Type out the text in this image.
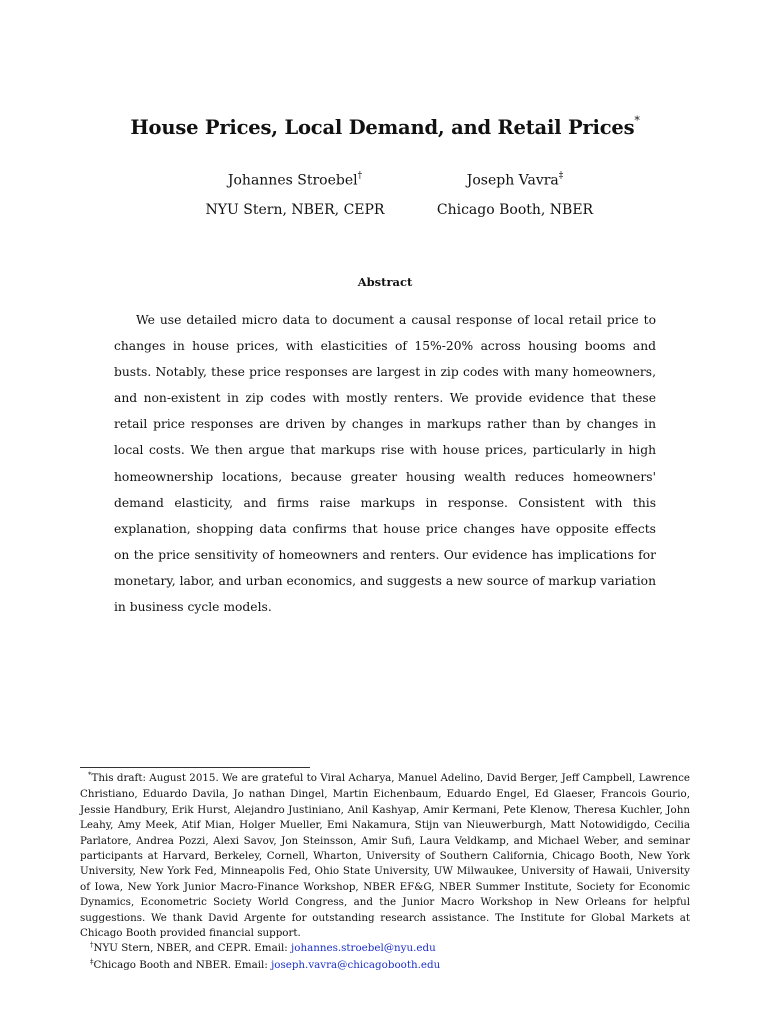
House Prices, Local Demand, and Retail Prices*
Johannes Stroebel†	Joseph Vavra‡
NYU Stern, NBER, CEPR	Chicago Booth, NBER
Abstract
We use detailed micro data to document a causal response of local retail price to changes in house prices, with elasticities of 15%-20% across housing booms and busts. Notably, these price responses are largest in zip codes with many homeowners, and non-existent in zip codes with mostly renters. We provide evidence that these retail price responses are driven by changes in markups rather than by changes in local costs. We then argue that markups rise with house prices, particularly in high homeownership locations, because greater housing wealth reduces homeowners' demand elasticity, and firms raise markups in response. Consistent with this explanation, shopping data confirms that house price changes have opposite effects on the price sensitivity of homeowners and renters. Our evidence has implications for monetary, labor, and urban economics, and suggests a new source of markup variation in business cycle models.

*This draft: August 2015. We are grateful to Viral Acharya, Manuel Adelino, David Berger, Jeff Campbell, Lawrence Christiano, Eduardo Davila, Jo nathan Dingel, Martin Eichenbaum, Eduardo Engel, Ed Glaeser, Francois Gourio, Jessie Handbury, Erik Hurst, Alejandro Justiniano, Anil Kashyap, Amir Kermani, Pete Klenow, Theresa Kuchler, John Leahy, Amy Meek, Atif Mian, Holger Mueller, Emi Nakamura, Stijn van Nieuwerburgh, Matt Notowidigdo, Cecilia Parlatore, Andrea Pozzi, Alexi Savov, Jon Steinsson, Amir Sufi, Laura Veldkamp, and Michael Weber, and seminar participants at Harvard, Berkeley, Cornell, Wharton, University of Southern California, Chicago Booth, New York University, New York Fed, Minneapolis Fed, Ohio State University, UW Milwaukee, University of Hawaii, University of Iowa, New York Junior Macro-Finance Workshop, NBER EF&G, NBER Summer Institute, Society for Economic Dynamics, Econometric Society World Congress, and the Junior Macro Workshop in New Orleans for helpful suggestions. We thank David Argente for outstanding research assistance. The Institute for Global Markets at Chicago Booth provided financial support.

†NYU Stern, NBER, and CEPR. Email: johannes.stroebel@nyu.edu

‡Chicago Booth and NBER. Email: joseph.vavra@chicagobooth.edu
